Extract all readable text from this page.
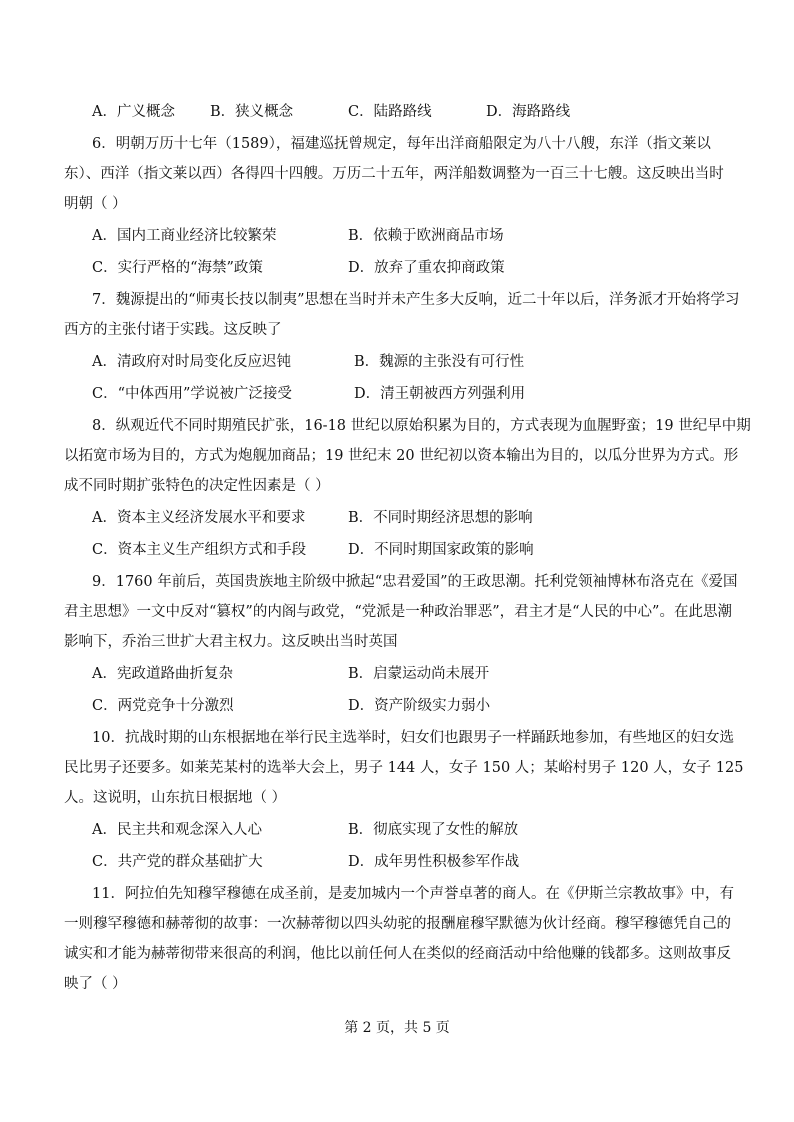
A．广义概念 B．狭义概念	C．陆路路线	D．海路路线
6．明朝万历十七年（1589），福建巡抚曾规定，每年出洋商船限定为八十八艘，东洋（指文莱以
东）、西洋（指文莱以西）各得四十四艘。万历二十五年，两洋船数调整为一百三十七艘。这反映出当时
明朝（ ）
A．国内工商业经济比较繁荣	B．依赖于欧洲商品市场
C．实行严格的“海禁”政策	D．放弃了重农抑商政策
7．魏源提出的“师夷长技以制夷”思想在当时并未产生多大反响，近二十年以后，洋务派才开始将学习
西方的主张付诸于实践。这反映了
A．清政府对时局变化反应迟钝	B．魏源的主张没有可行性
C．“中体西用”学说被广泛接受	D．清王朝被西方列强利用
8．纵观近代不同时期殖民扩张，16-18 世纪以原始积累为目的，方式表现为血腥野蛮；19 世纪早中期
以拓宽市场为目的，方式为炮舰加商品；19 世纪末 20 世纪初以资本输出为目的，以瓜分世界为方式。形
成不同时期扩张特色的决定性因素是（ ）
A．资本主义经济发展水平和要求	B．不同时期经济思想的影响
C．资本主义生产组织方式和手段	D．不同时期国家政策的影响
9．1760 年前后，英国贵族地主阶级中掀起“忠君爱国”的王政思潮。托利党领袖博林布洛克在《爱国
君主思想》一文中反对“篡权”的内阁与政党，“党派是一种政治罪恶”，君主才是“人民的中心”。在此思潮
影响下，乔治三世扩大君主权力。这反映出当时英国
A．宪政道路曲折复杂	B．启蒙运动尚未展开
C．两党竞争十分激烈	D．资产阶级实力弱小
10．抗战时期的山东根据地在举行民主选举时，妇女们也跟男子一样踊跃地参加，有些地区的妇女选
民比男子还要多。如莱芜某村的选举大会上，男子 144 人，女子 150 人；某峪村男子 120 人，女子 125
人。这说明，山东抗日根据地（ ）
A．民主共和观念深入人心	B．彻底实现了女性的解放
C．共产党的群众基础扩大	D．成年男性积极参军作战
11．阿拉伯先知穆罕穆德在成圣前，是麦加城内一个声誉卓著的商人。在《伊斯兰宗教故事》中，有
一则穆罕穆德和赫蒂彻的故事：一次赫蒂彻以四头幼驼的报酬雇穆罕默德为伙计经商。穆罕穆德凭自己的
诚实和才能为赫蒂彻带来很高的利润，他比以前任何人在类似的经商活动中给他赚的钱都多。这则故事反
映了（ ）
第 2 页，共 5 页
